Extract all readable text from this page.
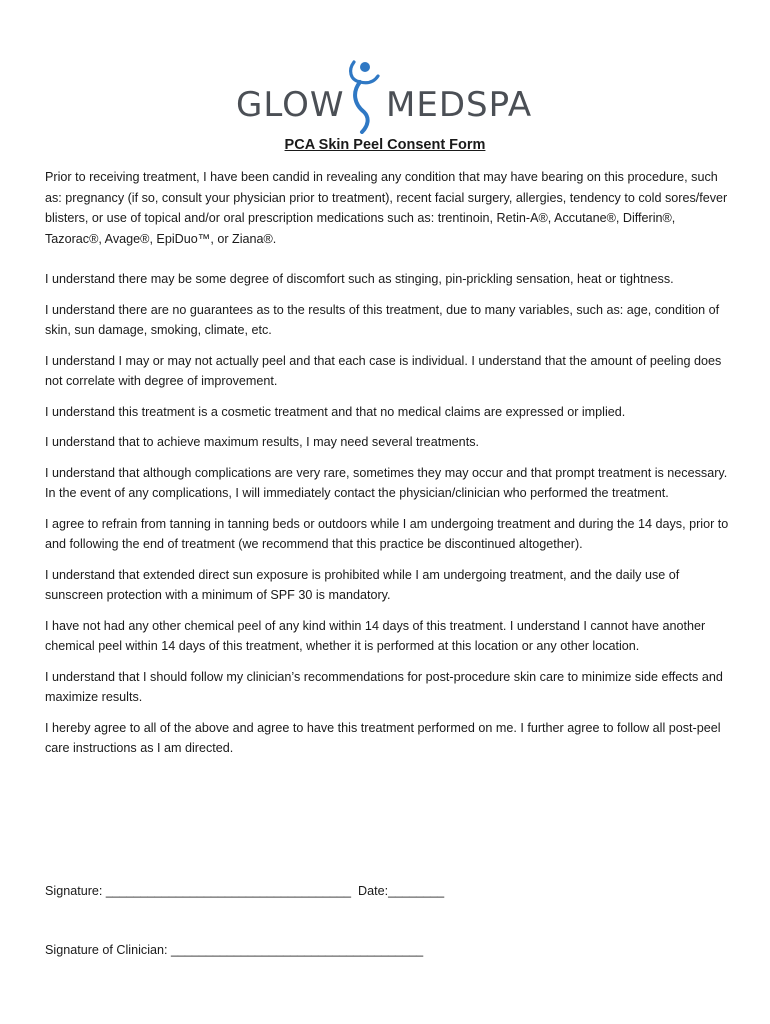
GLOW MEDSPA
PCA Skin Peel Consent Form

Prior to receiving treatment, I have been candid in revealing any condition that may have bearing on this procedure, such as: pregnancy (if so, consult your physician prior to treatment), recent facial surgery, allergies, tendency to cold sores/fever blisters, or use of topical and/or oral prescription medications such as: trentinoin, Retin-A®, Accutane®, Differin®, Tazorac®, Avage®, EpiDuo™, or Ziana®.

I understand there may be some degree of discomfort such as stinging, pin-prickling sensation, heat or tightness.

I understand there are no guarantees as to the results of this treatment, due to many variables, such as: age, condition of skin, sun damage, smoking, climate, etc.

I understand I may or may not actually peel and that each case is individual. I understand that the amount of peeling does not correlate with degree of improvement.

I understand this treatment is a cosmetic treatment and that no medical claims are expressed or implied.

I understand that to achieve maximum results, I may need several treatments.

I understand that although complications are very rare, sometimes they may occur and that prompt treatment is necessary. In the event of any complications, I will immediately contact the physician/clinician who performed the treatment.

I agree to refrain from tanning in tanning beds or outdoors while I am undergoing treatment and during the 14 days, prior to and following the end of treatment (we recommend that this practice be discontinued altogether).

I understand that extended direct sun exposure is prohibited while I am undergoing treatment, and the daily use of sunscreen protection with a minimum of SPF 30 is mandatory.

I have not had any other chemical peel of any kind within 14 days of this treatment. I understand I cannot have another chemical peel within 14 days of this treatment, whether it is performed at this location or any other location.

I understand that I should follow my clinician’s recommendations for post-procedure skin care to minimize side effects and maximize results.

I hereby agree to all of the above and agree to have this treatment performed on me. I further agree to follow all post-peel care instructions as I am directed.

Signature: ___________________________________ Date:________
Signature of Clinician: ____________________________________
